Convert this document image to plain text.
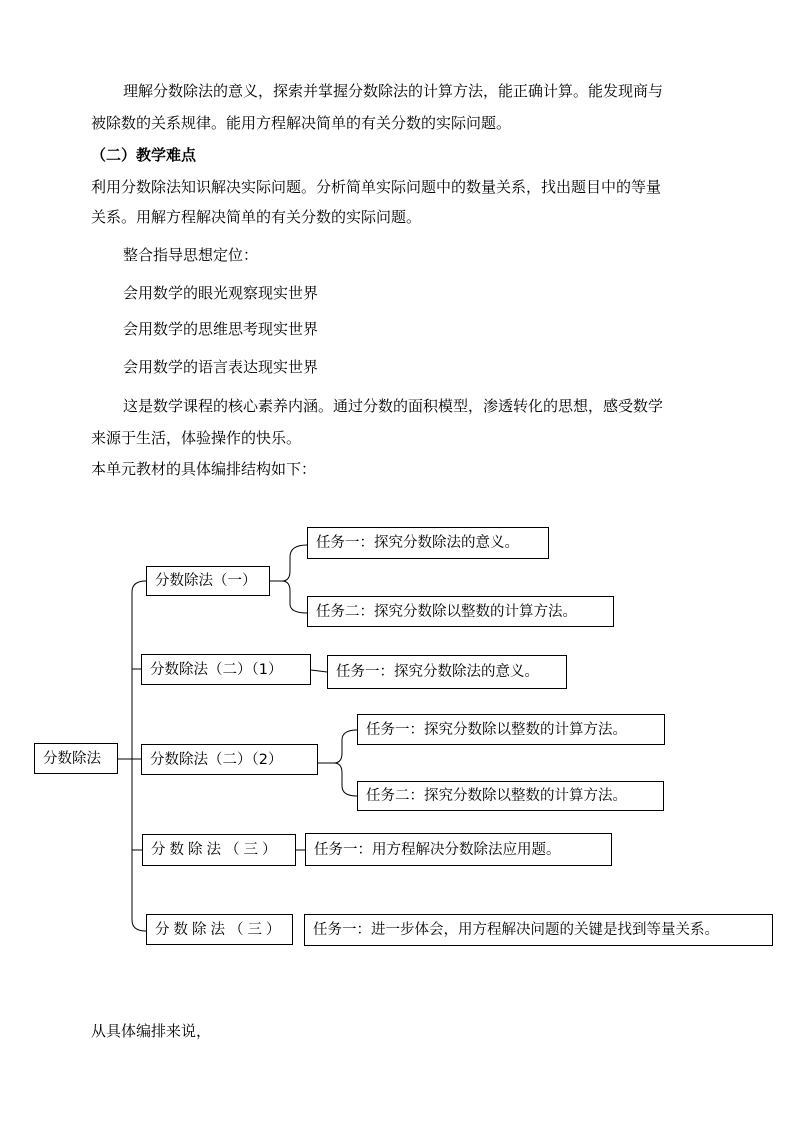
理解分数除法的意义，探索并掌握分数除法的计算方法，能正确计算。能发现商与
被除数的关系规律。能用方程解决简单的有关分数的实际问题。
（二）教学难点
利用分数除法知识解决实际问题。分析简单实际问题中的数量关系，找出题目中的等量
关系。用解方程解决简单的有关分数的实际问题。
整合指导思想定位：
会用数学的眼光观察现实世界
会用数学的思维思考现实世界
会用数学的语言表达现实世界
这是数学课程的核心素养内涵。通过分数的面积模型，渗透转化的思想，感受数学
来源于生活，体验操作的快乐。
本单元教材的具体编排结构如下：
分数除法
分数除法（一）
任务一：探究分数除法的意义。
任务二：探究分数除以整数的计算方法。
分数除法（二）（1）	任务一：探究分数除法的意义。
分数除法（二）（2）
任务一：探究分数除以整数的计算方法。
任务二：探究分数除以整数的计算方法。
分数除法（三）	任务一：用方程解决分数除法应用题。
分数除法（三）	任务一：进一步体会，用方程解决问题的关键是找到等量关系。
从具体编排来说，
